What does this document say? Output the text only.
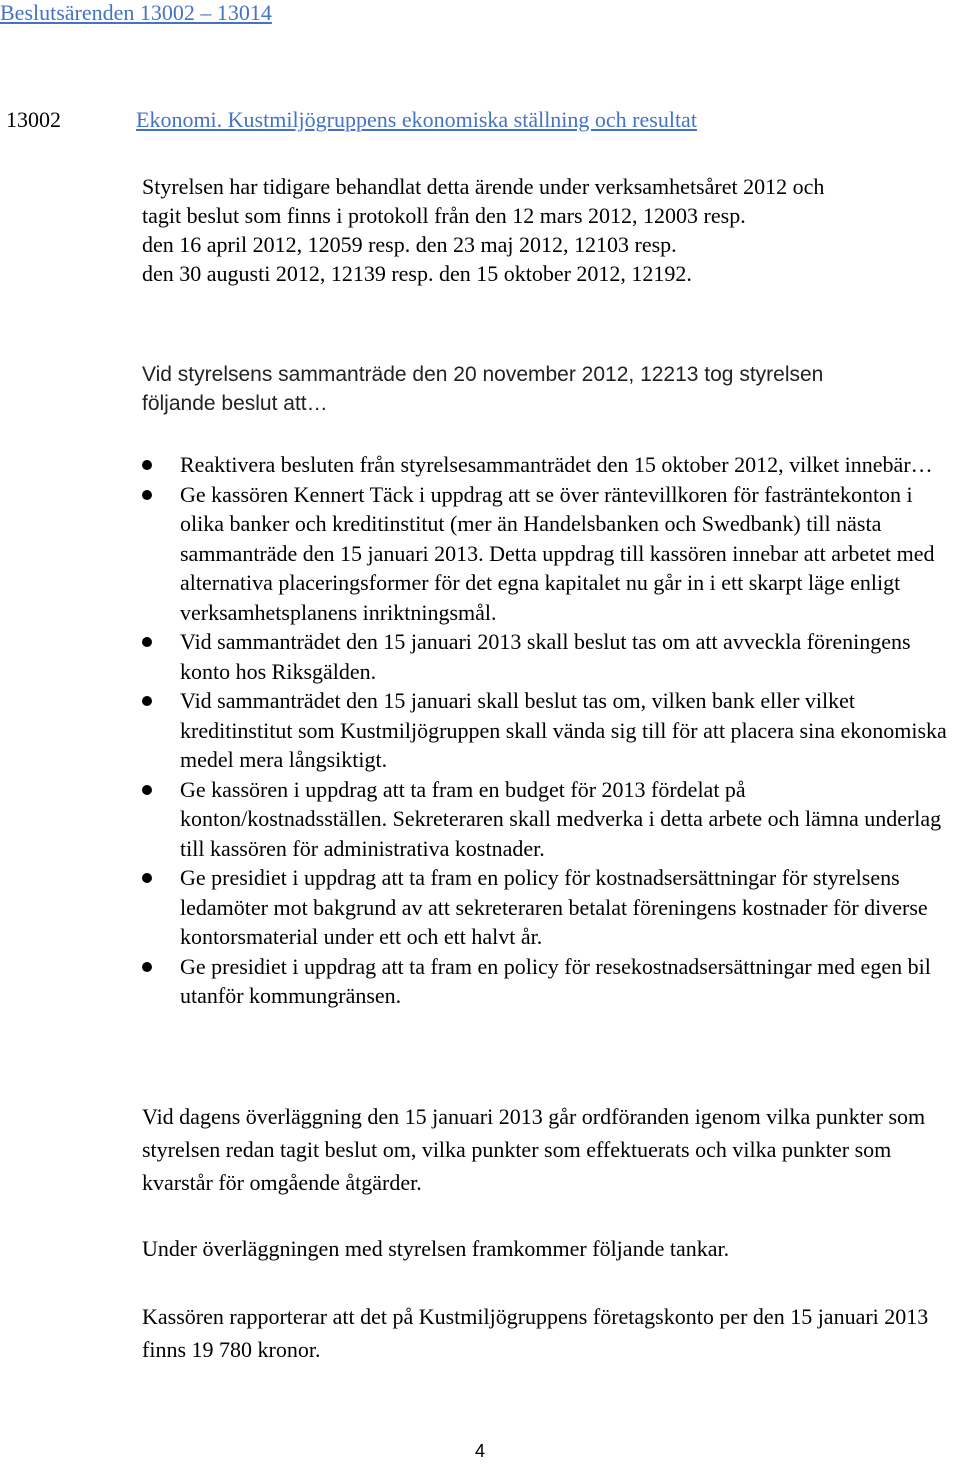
Beslutsärenden 13002 – 13014
13002	Ekonomi. Kustmiljögruppens ekonomiska ställning och resultat
Styrelsen har tidigare behandlat detta ärende under verksamhetsåret 2012 och
tagit beslut som finns i protokoll från den 12 mars 2012, 12003 resp.
den 16 april 2012, 12059 resp. den 23 maj 2012, 12103 resp.
den 30 augusti 2012, 12139 resp. den 15 oktober 2012, 12192.
Vid styrelsens sammanträde den 20 november 2012, 12213 tog styrelsen
följande beslut att…
Reaktivera besluten från styrelsesammanträdet den 15 oktober 2012, vilket innebär…
Ge kassören Kennert Täck i uppdrag att se över räntevillkoren för fasträntekonton i olika banker och kreditinstitut (mer än Handelsbanken och Swedbank) till nästa sammanträde den 15 januari 2013. Detta uppdrag till kassören innebar att arbetet med alternativa placeringsformer för det egna kapitalet nu går in i ett skarpt läge enligt verksamhetsplanens inriktningsmål.
Vid sammanträdet den 15 januari 2013 skall beslut tas om att avveckla föreningens konto hos Riksgälden.
Vid sammanträdet den 15 januari skall beslut tas om, vilken bank eller vilket kreditinstitut som Kustmiljögruppen skall vända sig till för att placera sina ekonomiska medel mera långsiktigt.
Ge kassören i uppdrag att ta fram en budget för 2013 fördelat på konton/kostnadsställen. Sekreteraren skall medverka i detta arbete och lämna underlag till kassören för administrativa kostnader.
Ge presidiet i uppdrag att ta fram en policy för kostnadsersättningar för styrelsens ledamöter mot bakgrund av att sekreteraren betalat föreningens kostnader för diverse kontorsmaterial under ett och ett halvt år.
Ge presidiet i uppdrag att ta fram en policy för resekostnadsersättningar med egen bil utanför kommungränsen.
Vid dagens överläggning den 15 januari 2013 går ordföranden igenom vilka punkter som styrelsen redan tagit beslut om, vilka punkter som effektuerats och vilka punkter som kvarstår för omgående åtgärder.
Under överläggningen med styrelsen framkommer följande tankar.
Kassören rapporterar att det på Kustmiljögruppens företagskonto per den 15 januari 2013 finns 19 780 kronor.
4
